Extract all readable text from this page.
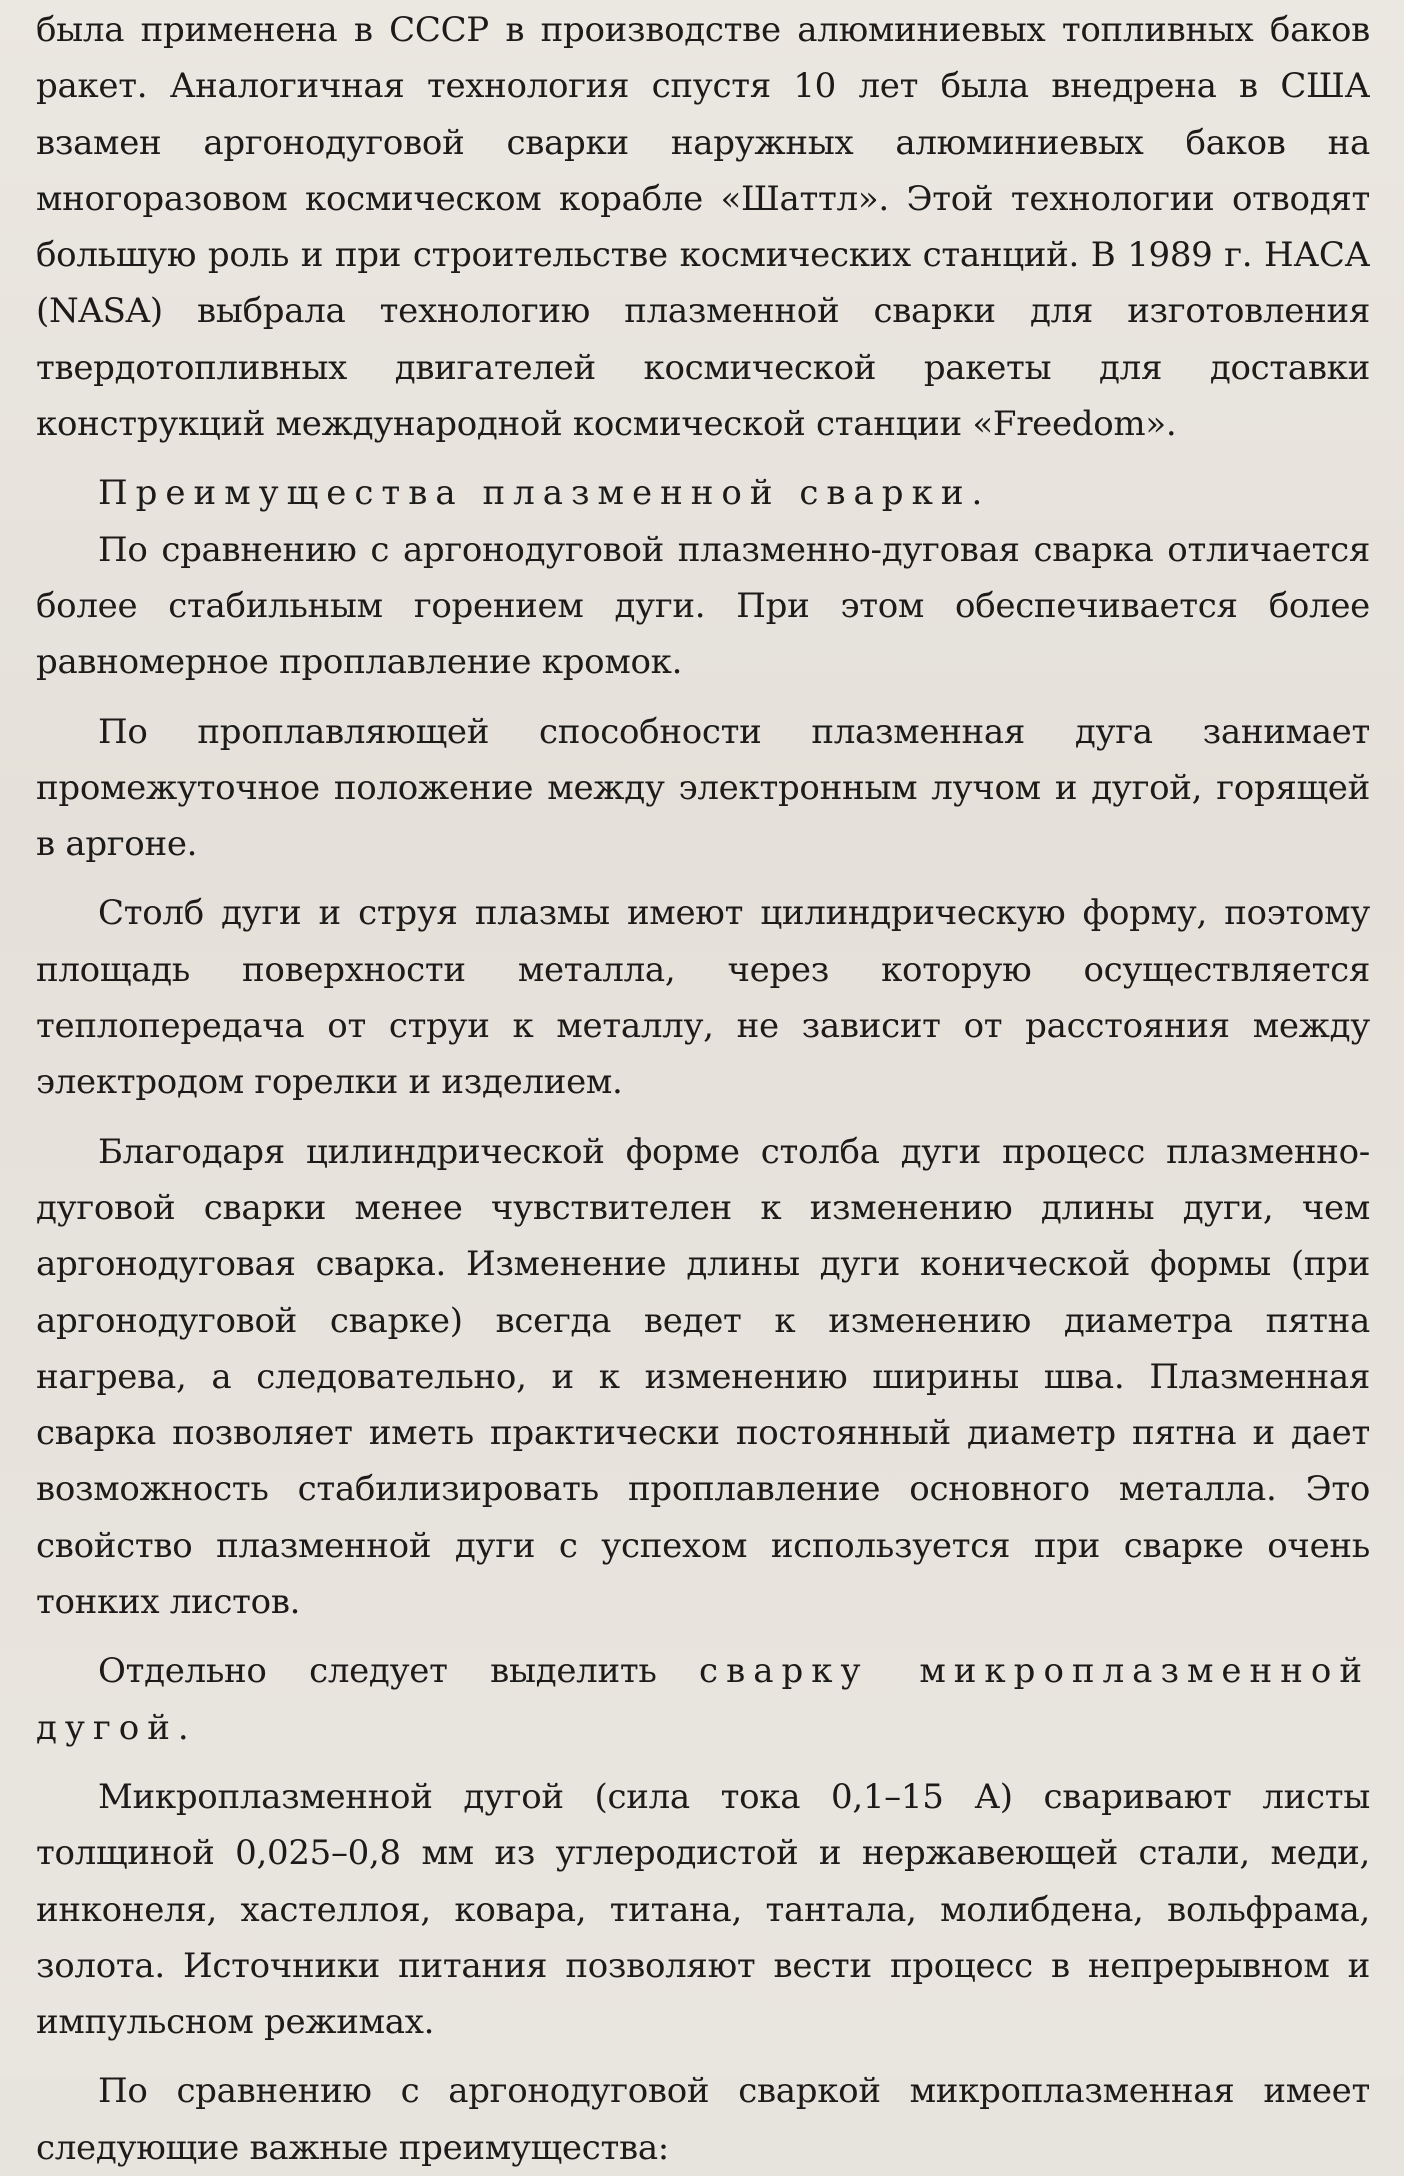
была применена в СССР в производстве алюминиевых топливных баков ракет. Аналогичная технология спустя 10 лет была внедрена в США взамен аргонодуговой сварки наружных алюминиевых баков на многоразовом космическом корабле «Шаттл». Этой технологии отводят большую роль и при строительстве космических станций. В 1989 г. НАСА (NASA) выбрала технологию плазменной сварки для изготовления твердотопливных двигателей космической ракеты для доставки конструкций международной космической станции «Freedom».

Преимущества плазменной сварки.

По сравнению с аргонодуговой плазменно-дуговая сварка отличается более стабильным горением дуги. При этом обеспечивается более равномерное проплавление кромок.

По проплавляющей способности плазменная дуга занимает промежуточное положение между электронным лучом и дугой, горящей в аргоне.

Столб дуги и струя плазмы имеют цилиндрическую форму, поэтому площадь поверхности металла, через которую осуществляется теплопередача от струи к металлу, не зависит от расстояния между электродом горелки и изделием.

Благодаря цилиндрической форме столба дуги процесс плазменно-дуговой сварки менее чувствителен к изменению длины дуги, чем аргонодуговая сварка. Изменение длины дуги конической формы (при аргонодуговой сварке) всегда ведет к изменению диаметра пятна нагрева, а следовательно, и к изменению ширины шва. Плазменная сварка позволяет иметь практически постоянный диаметр пятна и дает возможность стабилизировать проплавление основного металла. Это свойство плазменной дуги с успехом используется при сварке очень тонких листов.

Отдельно следует выделить сварку микроплазменной дугой.

Микроплазменной дугой (сила тока 0,1–15 А) сваривают листы толщиной 0,025–0,8 мм из углеродистой и нержавеющей стали, меди, инконеля, хастеллоя, ковара, титана, тантала, молибдена, вольфрама, золота. Источники питания позволяют вести процесс в непрерывном и импульсном режимах.

По сравнению с аргонодуговой сваркой микроплазменная имеет следующие важные преимущества:
